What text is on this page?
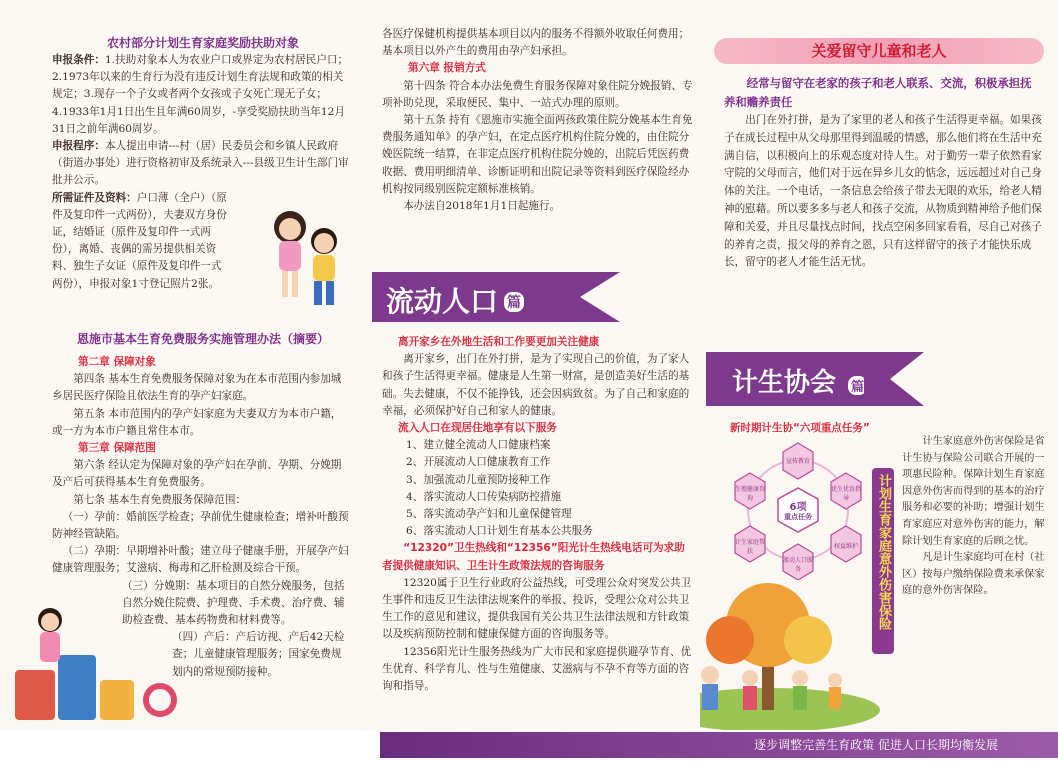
农村部分计划生育家庭奖励扶助对象

申报条件：1.扶助对象本人为农业户口或界定为农村居民户口；2.1973年以来的生育行为没有违反计划生育法规和政策的相关规定；3.现存一个子女或者两个女孩或子女死亡现无子女；4.1933年1月1日出生且年满60周岁，-享受奖励扶助当年12月31日之前年满60周岁。

申报程序：本人提出申请---村（居）民委员会和乡镇人民政府（街道办事处）进行资格初审及系统录入---县级卫生计生部门审批并公示。

所需证件及资料：户口薄（全户）（原件及复印件一式两份），夫妻双方身份证，结婚证（原件及复印件一式两份），离婚、丧偶的需另提供相关资料、独生子女证（原件及复印件一式两份），申报对象1寸登记照片2张。

恩施市基本生育免费服务实施管理办法（摘要）

第二章 保障对象

第四条 基本生育免费服务保障对象为在本市范围内参加城乡居民医疗保险且依法生育的孕产妇家庭。

第五条 本市范围内的孕产妇家庭为夫妻双方为本市户籍，或一方为本市户籍且常住本市。

第三章 保障范围

第六条 经认定为保障对象的孕产妇在孕前、孕期、分娩期及产后可获得基本生育免费服务。

第七条 基本生育免费服务保障范围：

（一）孕前：婚前医学检查；孕前优生健康检查；增补叶酸预防神经管缺陷。

（二）孕期：早期增补叶酸；建立母子健康手册，开展孕产妇健康管理服务；艾滋病、梅毒和乙肝检测及综合干预。

（三）分娩期：基本项目的自然分娩服务，包括自然分娩住院费、护理费、手术费、治疗费、辅助检查费、基本药物费和材料费等。

（四）产后：产后访视、产后42天检查；儿童健康管理服务；国家免费规划内的常规预防接种。

各医疗保健机构提供基本项目以内的服务不得额外收取任何费用；基本项目以外产生的费用由孕产妇承担。

第六章 报销方式

第十四条 符合本办法免费生育服务保障对象住院分娩报销、专项补助兑现，采取便民、集中、一站式办理的原则。

第十五条 持有《恩施市实施全面两孩政策住院分娩基本生育免费服务通知单》的孕产妇，在定点医疗机构住院分娩的，由住院分娩医院统一结算，在非定点医疗机构住院分娩的，出院后凭医药费收据、费用明细清单、诊断证明和出院记录等资料到医疗保险经办机构按同级别医院定额标准核销。

本办法自2018年1月1日起施行。

流动人口 篇

离开家乡在外地生活和工作要更加关注健康

离开家乡，出门在外打拼，是为了实现自己的价值，为了家人和孩子生活得更幸福。健康是人生第一财富，是创造美好生活的基础。失去健康，不仅不能挣钱，还会因病致贫。为了自己和家庭的幸福，必须保护好自己和家人的健康。

流入人口在现居住地享有以下服务

1、建立健全流动人口健康档案

2、开展流动人口健康教育工作

3、加强流动儿童预防接种工作

4、落实流动人口传染病防控措施

5、落实流动孕产妇和儿童保健管理

6、落实流动人口计划生育基本公共服务

“12320”卫生热线和“12356”阳光计生热线电话可为求助者提供健康知识、卫生计生政策法规的咨询服务

12320属于卫生行业政府公益热线，可受理公众对突发公共卫生事件和违反卫生法律法规案件的举报、投诉，受理公众对公共卫生工作的意见和建议，提供我国有关公共卫生法律法规和方针政策以及疾病预防控制和健康保健方面的咨询服务等。

12356阳光计生服务热线为广大市民和家庭提供避孕节育、优生优育、科学育儿、性与生殖健康、艾滋病与不孕不育等方面的咨询和指导。

关爱留守儿童和老人

经常与留守在老家的孩子和老人联系、交流，积极承担抚养和赡养责任

出门在外打拼，是为了家里的老人和孩子生活得更幸福。如果孩子在成长过程中从父母那里得到温暖的情感，那么他们将在生活中充满自信，以积极向上的乐观态度对待人生。对于勤劳一辈子依然看家守院的父母而言，他们对于远在异乡儿女的惦念，远远超过对自己身体的关注。一个电话，一条信息会给孩子带去无限的欢乐，给老人精神的慰藉。所以要多多与老人和孩子交流，从物质到精神给予他们保障和关爱，并且尽量找点时间，找点空闲多回家看看，尽自己对孩子的养育之责，报父母的养育之恩，只有这样留守的孩子才能快乐成长，留守的老人才能生活无忧。

计生协会 篇

新时期计生协“六项重点任务”

6项
重点任务
宣传教育
优生优育指导
权益维护
流动人口服务
计生家庭帮扶
生殖健康咨询	计划生育家庭意外伤害保险

计生家庭意外伤害保险是省计生协与保险公司联合开展的一项惠民险种。保障计划生育家庭因意外伤害而得到的基本的治疗服务和必要的补助；增强计划生育家庭应对意外伤害的能力，解除计划生育家庭的后顾之忧。

凡是计生家庭均可在村（社区）按每户缴纳保险费来承保家庭的意外伤害保险。

逐步调整完善生育政策 促进人口长期均衡发展
